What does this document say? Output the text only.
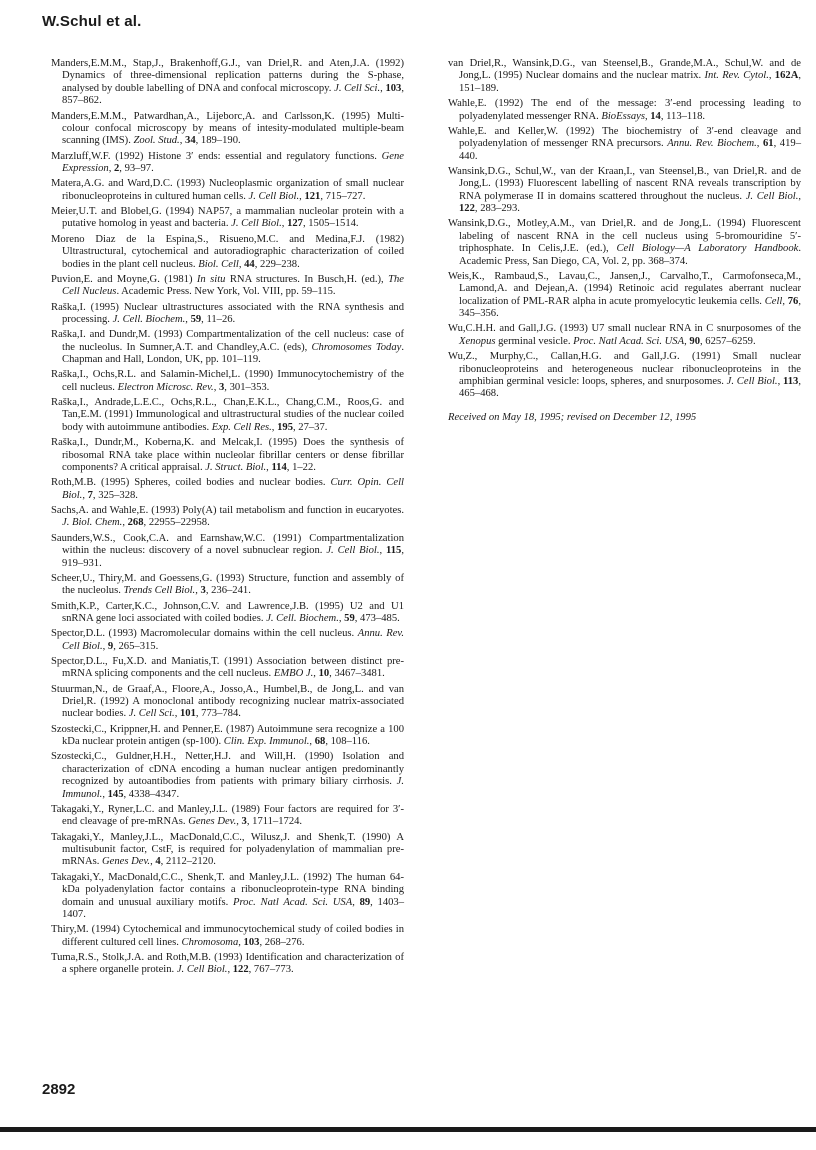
W.Schul et al.
Manders,E.M.M., Stap,J., Brakenhoff,G.J., van Driel,R. and Aten,J.A. (1992) Dynamics of three-dimensional replication patterns during the S-phase, analysed by double labelling of DNA and confocal microscopy. J. Cell Sci., 103, 857–862.
Manders,E.M.M., Patwardhan,A., Lijeborc,A. and Carlsson,K. (1995) Multi-colour confocal microscopy by means of intesity-modulated multiple-beam scanning (IMS). Zool. Stud., 34, 189–190.
Marzluff,W.F. (1992) Histone 3′ ends: essential and regulatory functions. Gene Expression, 2, 93–97.
Matera,A.G. and Ward,D.C. (1993) Nucleoplasmic organization of small nuclear ribonucleoproteins in cultured human cells. J. Cell Biol., 121, 715–727.
Meier,U.T. and Blobel,G. (1994) NAP57, a mammalian nucleolar protein with a putative homolog in yeast and bacteria. J. Cell Biol., 127, 1505–1514.
Moreno Diaz de la Espina,S., Risueno,M.C. and Medina,F.J. (1982) Ultrastructural, cytochemical and autoradiographic characterization of coiled bodies in the plant cell nucleus. Biol. Cell, 44, 229–238.
Puvion,E. and Moyne,G. (1981) In situ RNA structures. In Busch,H. (ed.), The Cell Nucleus. Academic Press. New York, Vol. VIII, pp. 59–115.
Raška,I. (1995) Nuclear ultrastructures associated with the RNA synthesis and processing. J. Cell. Biochem., 59, 11–26.
Raška,I. and Dundr,M. (1993) Compartmentalization of the cell nucleus: case of the nucleolus. In Sumner,A.T. and Chandley,A.C. (eds), Chromosomes Today. Chapman and Hall, London, UK, pp. 101–119.
Raška,I., Ochs,R.L. and Salamin-Michel,L. (1990) Immunocytochemistry of the cell nucleus. Electron Microsc. Rev., 3, 301–353.
Raška,I., Andrade,L.E.C., Ochs,R.L., Chan,E.K.L., Chang,C.M., Roos,G. and Tan,E.M. (1991) Immunological and ultrastructural studies of the nuclear coiled body with autoimmune antibodies. Exp. Cell Res., 195, 27–37.
Raška,I., Dundr,M., Koberna,K. and Melcak,I. (1995) Does the synthesis of ribosomal RNA take place within nucleolar fibrillar centers or dense fibrillar components? A critical appraisal. J. Struct. Biol., 114, 1–22.
Roth,M.B. (1995) Spheres, coiled bodies and nuclear bodies. Curr. Opin. Cell Biol., 7, 325–328.
Sachs,A. and Wahle,E. (1993) Poly(A) tail metabolism and function in eucaryotes. J. Biol. Chem., 268, 22955–22958.
Saunders,W.S., Cook,C.A. and Earnshaw,W.C. (1991) Compartmentalization within the nucleus: discovery of a novel subnuclear region. J. Cell Biol., 115, 919–931.
Scheer,U., Thiry,M. and Goessens,G. (1993) Structure, function and assembly of the nucleolus. Trends Cell Biol., 3, 236–241.
Smith,K.P., Carter,K.C., Johnson,C.V. and Lawrence,J.B. (1995) U2 and U1 snRNA gene loci associated with coiled bodies. J. Cell. Biochem., 59, 473–485.
Spector,D.L. (1993) Macromolecular domains within the cell nucleus. Annu. Rev. Cell Biol., 9, 265–315.
Spector,D.L., Fu,X.D. and Maniatis,T. (1991) Association between distinct pre-mRNA splicing components and the cell nucleus. EMBO J., 10, 3467–3481.
Stuurman,N., de Graaf,A., Floore,A., Josso,A., Humbel,B., de Jong,L. and van Driel,R. (1992) A monoclonal antibody recognizing nuclear matrix-associated nuclear bodies. J. Cell Sci., 101, 773–784.
Szostecki,C., Krippner,H. and Penner,E. (1987) Autoimmune sera recognize a 100 kDa nuclear protein antigen (sp-100). Clin. Exp. Immunol., 68, 108–116.
Szostecki,C., Guldner,H.H., Netter,H.J. and Will,H. (1990) Isolation and characterization of cDNA encoding a human nuclear antigen predominantly recognized by autoantibodies from patients with primary biliary cirrhosis. J. Immunol., 145, 4338–4347.
Takagaki,Y., Ryner,L.C. and Manley,J.L. (1989) Four factors are required for 3′-end cleavage of pre-mRNAs. Genes Dev., 3, 1711–1724.
Takagaki,Y., Manley,J.L., MacDonald,C.C., Wilusz,J. and Shenk,T. (1990) A multisubunit factor, CstF, is required for polyadenylation of mammalian pre-mRNAs. Genes Dev., 4, 2112–2120.
Takagaki,Y., MacDonald,C.C., Shenk,T. and Manley,J.L. (1992) The human 64-kDa polyadenylation factor contains a ribonucleoprotein-type RNA binding domain and unusual auxiliary motifs. Proc. Natl Acad. Sci. USA, 89, 1403–1407.
Thiry,M. (1994) Cytochemical and immunocytochemical study of coiled bodies in different cultured cell lines. Chromosoma, 103, 268–276.
Tuma,R.S., Stolk,J.A. and Roth,M.B. (1993) Identification and characterization of a sphere organelle protein. J. Cell Biol., 122, 767–773.
van Driel,R., Wansink,D.G., van Steensel,B., Grande,M.A., Schul,W. and de Jong,L. (1995) Nuclear domains and the nuclear matrix. Int. Rev. Cytol., 162A, 151–189.
Wahle,E. (1992) The end of the message: 3′-end processing leading to polyadenylated messenger RNA. BioEssays, 14, 113–118.
Wahle,E. and Keller,W. (1992) The biochemistry of 3′-end cleavage and polyadenylation of messenger RNA precursors. Annu. Rev. Biochem., 61, 419–440.
Wansink,D.G., Schul,W., van der Kraan,I., van Steensel,B., van Driel,R. and de Jong,L. (1993) Fluorescent labelling of nascent RNA reveals transcription by RNA polymerase II in domains scattered throughout the nucleus. J. Cell Biol., 122, 283–293.
Wansink,D.G., Motley,A.M., van Driel,R. and de Jong,L. (1994) Fluorescent labeling of nascent RNA in the cell nucleus using 5-bromouridine 5′-triphosphate. In Celis,J.E. (ed.), Cell Biology—A Laboratory Handbook. Academic Press, San Diego, CA, Vol. 2, pp. 368–374.
Weis,K., Rambaud,S., Lavau,C., Jansen,J., Carvalho,T., Carmofonseca,M., Lamond,A. and Dejean,A. (1994) Retinoic acid regulates aberrant nuclear localization of PML-RAR alpha in acute promyelocytic leukemia cells. Cell, 76, 345–356.
Wu,C.H.H. and Gall,J.G. (1993) U7 small nuclear RNA in C snurposomes of the Xenopus germinal vesicle. Proc. Natl Acad. Sci. USA, 90, 6257–6259.
Wu,Z., Murphy,C., Callan,H.G. and Gall,J.G. (1991) Small nuclear ribonucleoproteins and heterogeneous nuclear ribonucleoproteins in the amphibian germinal vesicle: loops, spheres, and snurposomes. J. Cell Biol., 113, 465–468.
Received on May 18, 1995; revised on December 12, 1995
2892
